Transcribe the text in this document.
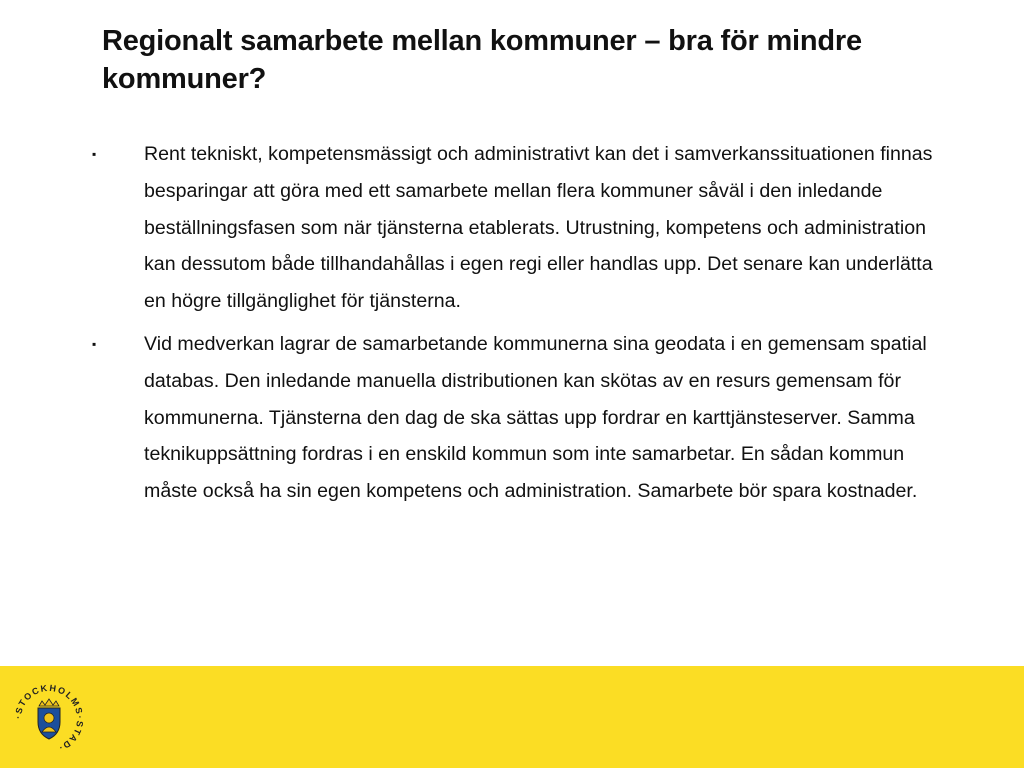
Regionalt samarbete mellan kommuner – bra för mindre kommuner?
▪ Rent tekniskt, kompetensmässigt och administrativt kan det i samverkanssituationen finnas besparingar att göra med ett samarbete mellan flera kommuner såväl i den inledande beställningsfasen som när tjänsterna etablerats. Utrustning, kompetens och administration kan dessutom både tillhandahållas i egen regi eller handlas upp. Det senare kan underlätta en högre tillgänglighet för tjänsterna.
▪ Vid medverkan lagrar de samarbetande kommunerna sina geodata i en gemensam spatial databas. Den inledande manuella distributionen kan skötas av en resurs gemensam för kommunerna. Tjänsterna den dag de ska sättas upp fordrar en karttjänsteserver. Samma teknikuppsättning fordras i en enskild kommun som inte samarbetar. En sådan kommun måste också ha sin egen kompetens och administration. Samarbete bör spara kostnader.
·STOCKHOLMS·STAD·
